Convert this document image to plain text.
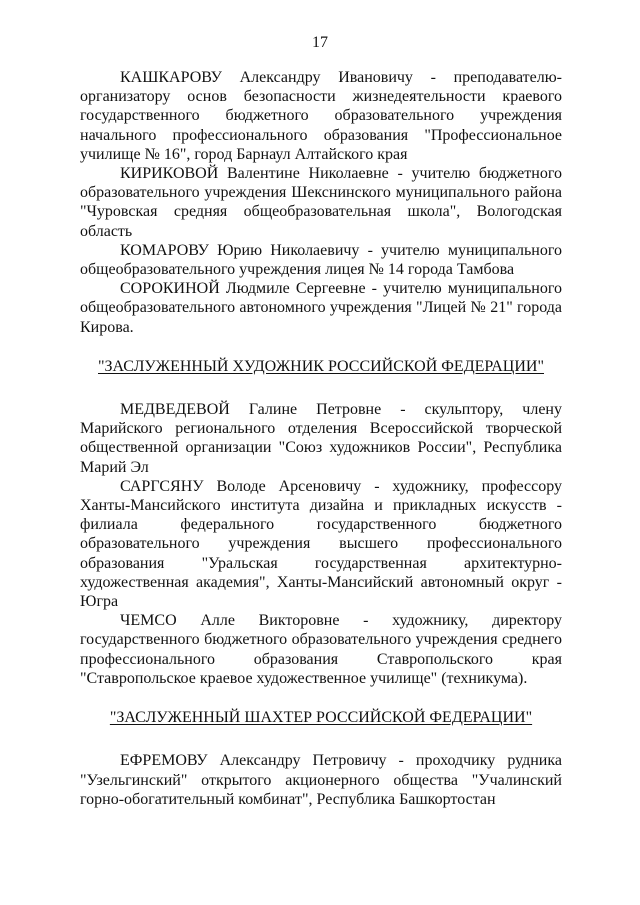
17

КАШКАРОВУ Александру Ивановичу - преподавателю-организатору основ безопасности жизнедеятельности краевого государственного бюджетного образовательного учреждения начального профессионального образования "Профессиональное училище № 16", город Барнаул Алтайского края

КИРИКОВОЙ Валентине Николаевне - учителю бюджетного образовательного учреждения Шекснинского муниципального района "Чуровская средняя общеобразовательная школа", Вологодская область

КОМАРОВУ Юрию Николаевичу - учителю муниципального общеобразовательного учреждения лицея № 14 города Тамбова

СОРОКИНОЙ Людмиле Сергеевне - учителю муниципального общеобразовательного автономного учреждения "Лицей № 21" города Кирова.

"ЗАСЛУЖЕННЫЙ ХУДОЖНИК РОССИЙСКОЙ ФЕДЕРАЦИИ"

МЕДВЕДЕВОЙ Галине Петровне - скульптору, члену Марийского регионального отделения Всероссийской творческой общественной организации "Союз художников России", Республика Марий Эл

САРГСЯНУ Володе Арсеновичу - художнику, профессору Ханты-Мансийского института дизайна и прикладных искусств - филиала федерального государственного бюджетного образовательного учреждения высшего профессионального образования "Уральская государственная архитектурно-художественная академия", Ханты-Мансийский автономный округ - Югра

ЧЕМСО Алле Викторовне - художнику, директору государственного бюджетного образовательного учреждения среднего профессионального образования Ставропольского края "Ставропольское краевое художественное училище" (техникума).

"ЗАСЛУЖЕННЫЙ ШАХТЕР РОССИЙСКОЙ ФЕДЕРАЦИИ"

ЕФРЕМОВУ Александру Петровичу - проходчику рудника "Узельгинский" открытого акционерного общества "Учалинский горно-обогатительный комбинат", Республика Башкортостан
